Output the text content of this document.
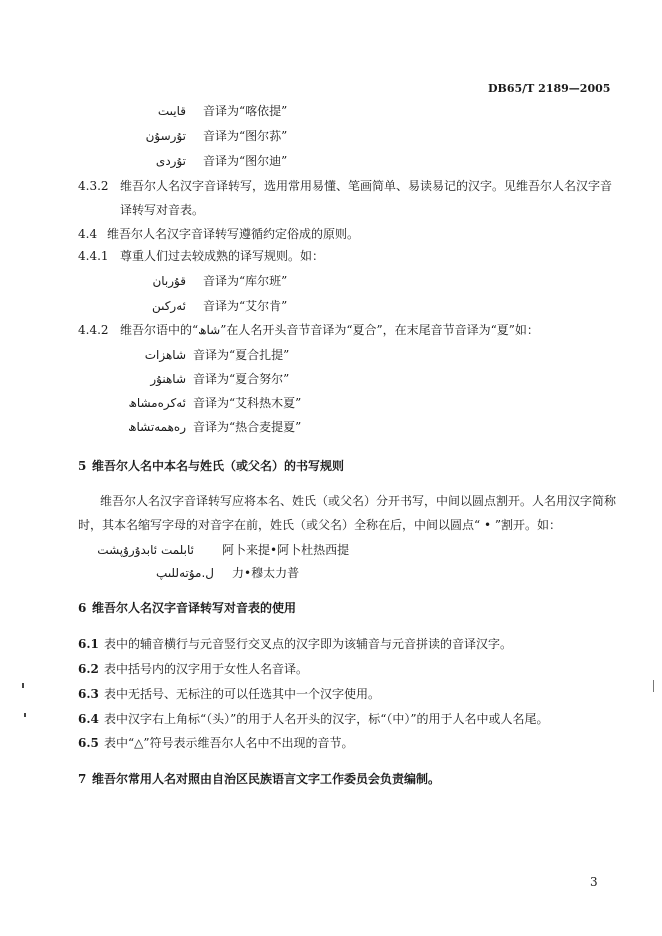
DB65/T 2189—2005
قايىت 音译为“喀依提”
تۇرسۇن 音译为“图尔荪”
تۇردى 音译为“图尔迪”
4.3.2 维吾尔人名汉字音译转写，选用常用易懂、笔画简单、易读易记的汉字。见维吾尔人名汉字音
译转写对音表。
4.4 维吾尔人名汉字音译转写遵循约定俗成的原则。
4.4.1 尊重人们过去较成熟的译写规则。如：
قۇربان 音译为“库尔班”
ئەركىن 音译为“艾尔肯”
4.4.2 维吾尔语中的“شاھ”在人名开头音节音译为“夏合”，在末尾音节音译为“夏”如：
شاھزات 音译为“夏合扎提”
شاھنۇر 音译为“夏合努尔”
ئەكرەمشاھ 音译为“艾科热木夏”
رەھمەتشاھ 音译为“热合麦提夏”
5 维吾尔人名中本名与姓氏（或父名）的书写规则
维吾尔人名汉字音译转写应将本名、姓氏（或父名）分开书写，中间以圆点割开。人名用汉字简称
时，其本名缩写字母的对音字在前，姓氏（或父名）全称在后，中间以圆点“ • ”割开。如：
ئابلمت ئابدۇرۇپشت 阿卜来提•阿卜杜热西提
ل.مۇتەللىپ 力•穆太力普
6 维吾尔人名汉字音译转写对音表的使用
6.1 表中的辅音横行与元音竖行交叉点的汉字即为该辅音与元音拼读的音译汉字。
6.2 表中括号内的汉字用于女性人名音译。
6.3 表中无括号、无标注的可以任选其中一个汉字使用。
6.4 表中汉字右上角标“（头）”的用于人名开头的汉字，标“（中）”的用于人名中或人名尾。
6.5 表中“△”符号表示维吾尔人名中不出现的音节。
7 维吾尔常用人名对照由自治区民族语言文字工作委员会负责编制。
3
